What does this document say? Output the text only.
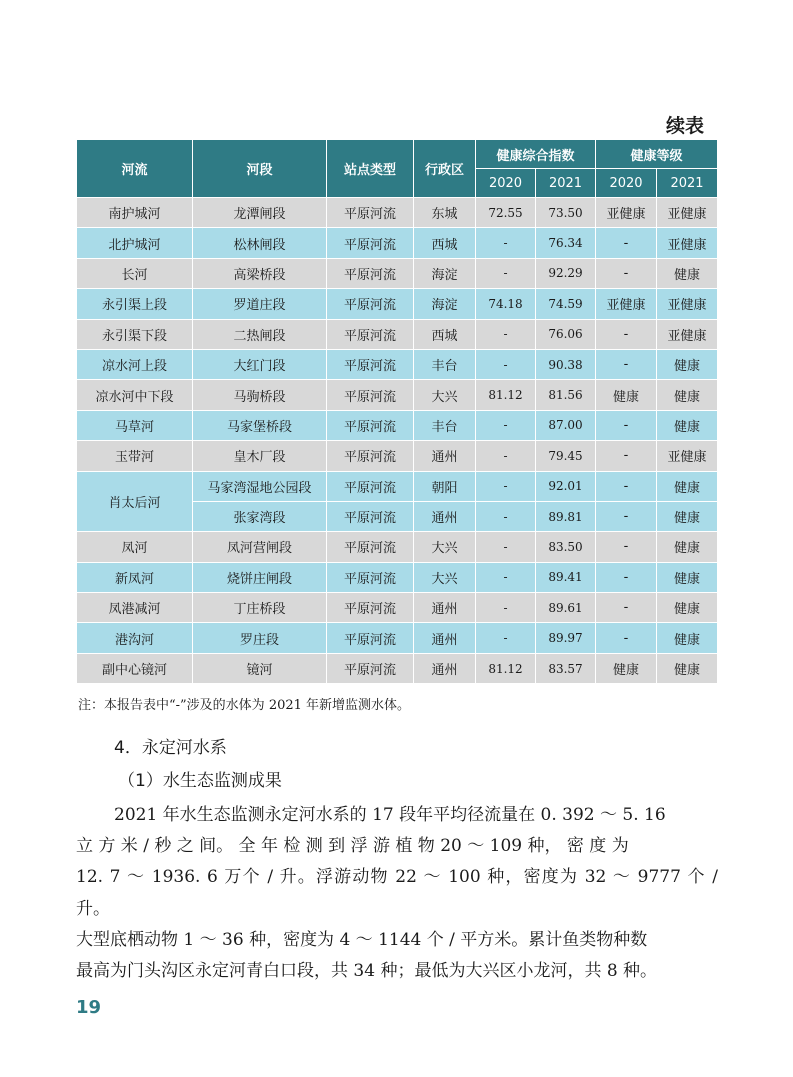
续表
河流	河段	站点类型	行政区	健康综合指数		健康等级	
				2020	2021	2020	2021
南护城河	龙潭闸段	平原河流	东城	72.55	73.50	亚健康	亚健康
北护城河	松林闸段	平原河流	西城	-	76.34	-	亚健康
长河	高梁桥段	平原河流	海淀	-	92.29	-	健康
永引渠上段	罗道庄段	平原河流	海淀	74.18	74.59	亚健康	亚健康
永引渠下段	二热闸段	平原河流	西城	-	76.06	-	亚健康
凉水河上段	大红门段	平原河流	丰台	-	90.38	-	健康
凉水河中下段	马驹桥段	平原河流	大兴	81.12	81.56	健康	健康
马草河	马家堡桥段	平原河流	丰台	-	87.00	-	健康
玉带河	皇木厂段	平原河流	通州	-	79.45	-	亚健康
肖太后河	马家湾湿地公园段	平原河流	朝阳	-	92.01	-	健康
	张家湾段	平原河流	通州	-	89.81	-	健康
凤河	凤河营闸段	平原河流	大兴	-	83.50	-	健康
新凤河	烧饼庄闸段	平原河流	大兴	-	89.41	-	健康
凤港减河	丁庄桥段	平原河流	通州	-	89.61	-	健康
港沟河	罗庄段	平原河流	通州	-	89.97	-	健康
副中心镜河	镜河	平原河流	通州	81.12	83.57	健康	健康
注：本报告表中“-”涉及的水体为 2021 年新增监测水体。
4．永定河水系
（1）水生态监测成果
2021 年水生态监测永定河水系的 17 段年平均径流量在 0. 392 ～ 5. 16
立 方 米 / 秒 之 间。 全 年 检 测 到 浮 游 植 物 20 ～ 109 种， 密 度 为
12. 7 ～ 1936. 6 万个 / 升。浮游动物 22 ～ 100 种，密度为 32 ～ 9777 个 / 升。
大型底栖动物 1 ～ 36 种，密度为 4 ～ 1144 个 / 平方米。累计鱼类物种数
最高为门头沟区永定河青白口段，共 34 种；最低为大兴区小龙河，共 8 种。
19
